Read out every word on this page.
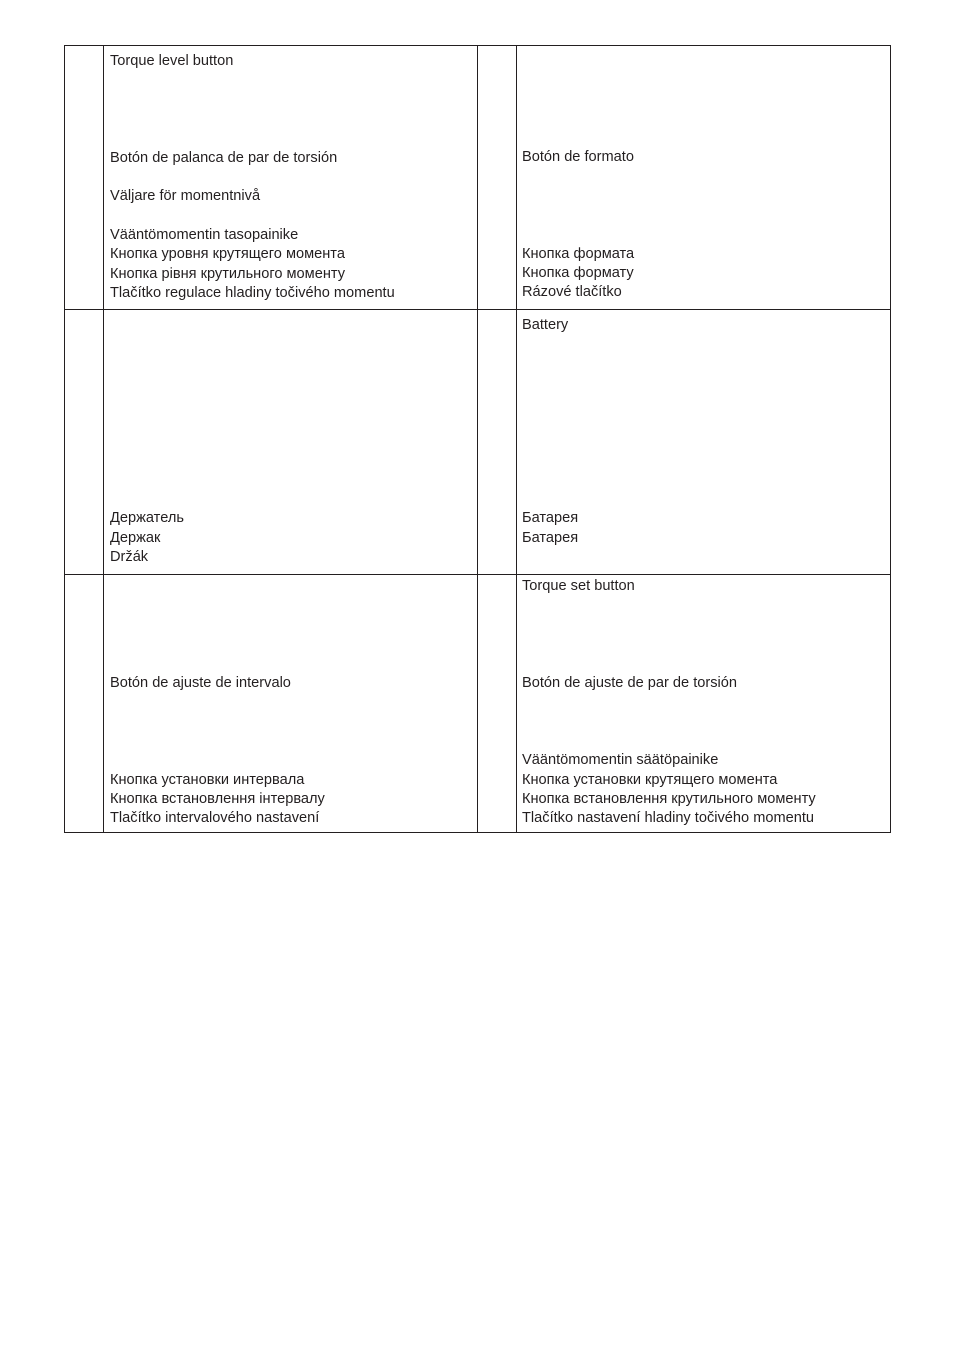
Torque level button
Botón de palanca de par de torsión
Väljare för momentnivå
Vääntömomentin tasopainike
Кнопка уровня крутящего момента
Кнопка рівня крутильного моменту
Tlačítko regulace hladiny točivého momentu
Botón de formato
Кнопка формата
Кнопка формату
Rázové tlačítko
Держатель
Держак
Držák
Battery
Батарея
Батарея
Botón de ajuste de intervalo
Кнопка установки интервала
Кнопка встановлення інтервалу
Tlačítko intervalového nastavení
Torque set button
Botón de ajuste de par de torsión
Vääntömomentin säätöpainike
Кнопка установки крутящего момента
Кнопка встановлення крутильного моменту
Tlačítko nastavení hladiny točivého momentu
